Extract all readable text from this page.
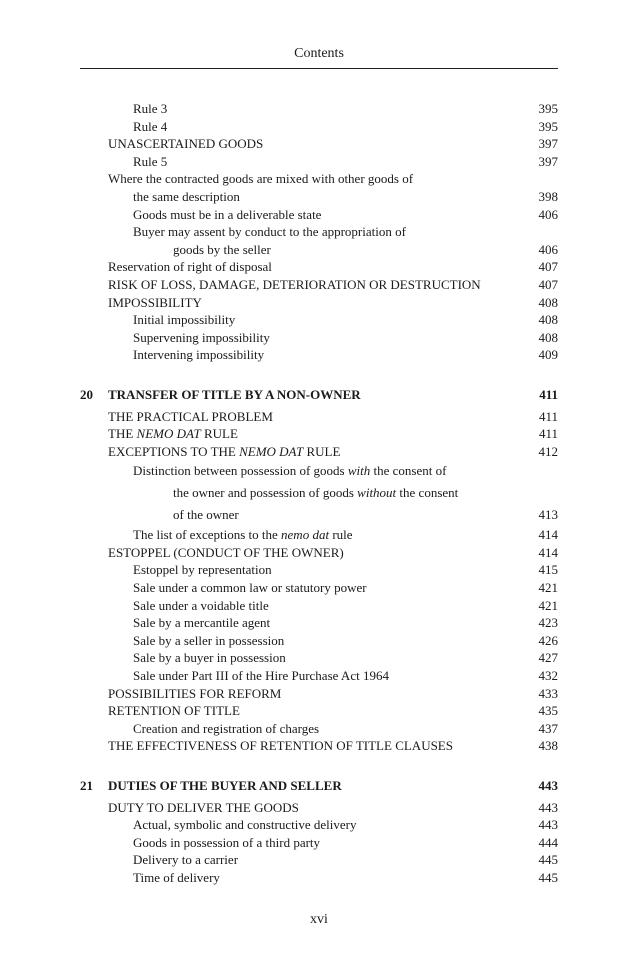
Contents
Rule 3	395
Rule 4	395
UNASCERTAINED GOODS	397
Rule 5	397
Where the contracted goods are mixed with other goods of
the same description	398
Goods must be in a deliverable state	406
Buyer may assent by conduct to the appropriation of
goods by the seller	406
Reservation of right of disposal	407
RISK OF LOSS, DAMAGE, DETERIORATION OR DESTRUCTION	407
IMPOSSIBILITY	408
Initial impossibility	408
Supervening impossibility	408
Intervening impossibility	409
20 TRANSFER OF TITLE BY A NON-OWNER	411
THE PRACTICAL PROBLEM	411
THE NEMO DAT RULE	411
EXCEPTIONS TO THE NEMO DAT RULE	412
Distinction between possession of goods with the consent of
the owner and possession of goods without the consent
of the owner	413
The list of exceptions to the nemo dat rule	414
ESTOPPEL (CONDUCT OF THE OWNER)	414
Estoppel by representation	415
Sale under a common law or statutory power	421
Sale under a voidable title	421
Sale by a mercantile agent	423
Sale by a seller in possession	426
Sale by a buyer in possession	427
Sale under Part III of the Hire Purchase Act 1964	432
POSSIBILITIES FOR REFORM	433
RETENTION OF TITLE	435
Creation and registration of charges	437
THE EFFECTIVENESS OF RETENTION OF TITLE CLAUSES	438
21 DUTIES OF THE BUYER AND SELLER	443
DUTY TO DELIVER THE GOODS	443
Actual, symbolic and constructive delivery	443
Goods in possession of a third party	444
Delivery to a carrier	445
Time of delivery	445
xvi
